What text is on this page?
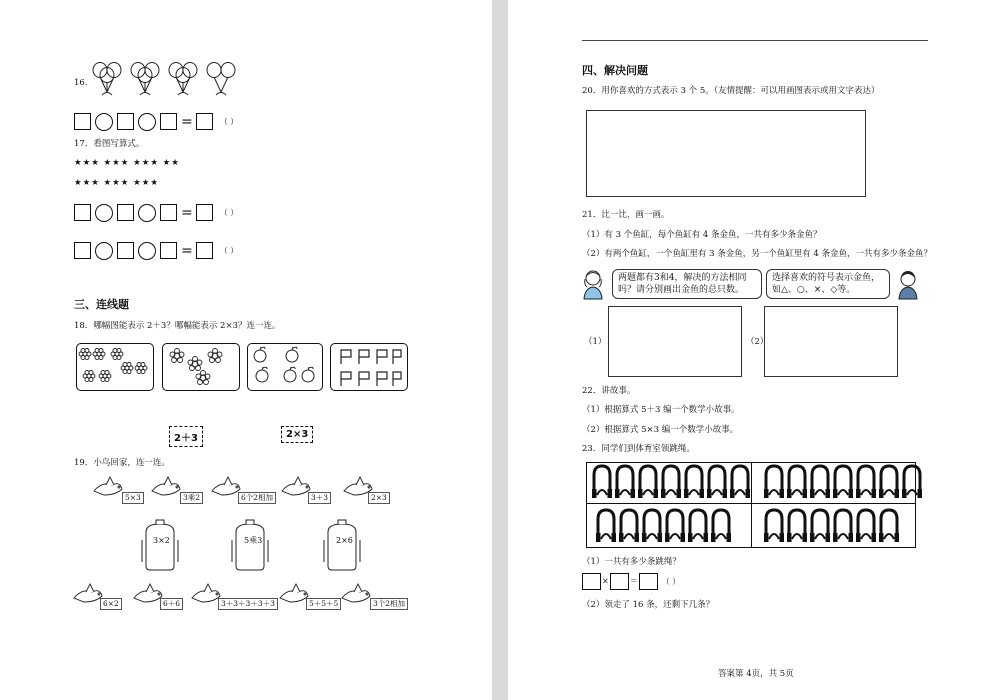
16.
=	（ ）
17．看图写算式。
★★★ ★★★ ★★★ ★★
★★★ ★★★ ★★★
=	（ ）
=	（ ）
三、连线题
18．哪幅图能表示 2＋3？哪幅能表示 2×3？连一连。
2＋3	2×3
19．小鸟回家，连一连。
5×3	3乘2	6个2相加	3＋3	2×3
3×2	5乘3	2×6
6×2	6＋6	3＋3＋3＋3＋3	5＋5＋5	3个2相加
四、解决问题
20．用你喜欢的方式表示 3 个 5。（友情提醒：可以用画图表示或用文字表达）
21．比一比，画一画。
（1）有 3 个鱼缸，每个鱼缸有 4 条金鱼，一共有多少条金鱼？
（2）有两个鱼缸，一个鱼缸里有 3 条金鱼，另一个鱼缸里有 4 条金鱼，一共有多少条金鱼？
两题都有3和4，解决的方法相同吗？请分别画出金鱼的总只数。
选择喜欢的符号表示金鱼，如△、○、×、◇等。
（1）	（2）
22．讲故事。
（1）根据算式 5＋3 编一个数学小故事。
（2）根据算式 5×3 编一个数学小故事。
23．同学们到体育室领跳绳。
（1）一共有多少条跳绳？
×	＝	（ ）
（2）领走了 16 条，还剩下几条？
答案第 4页，共 5页
